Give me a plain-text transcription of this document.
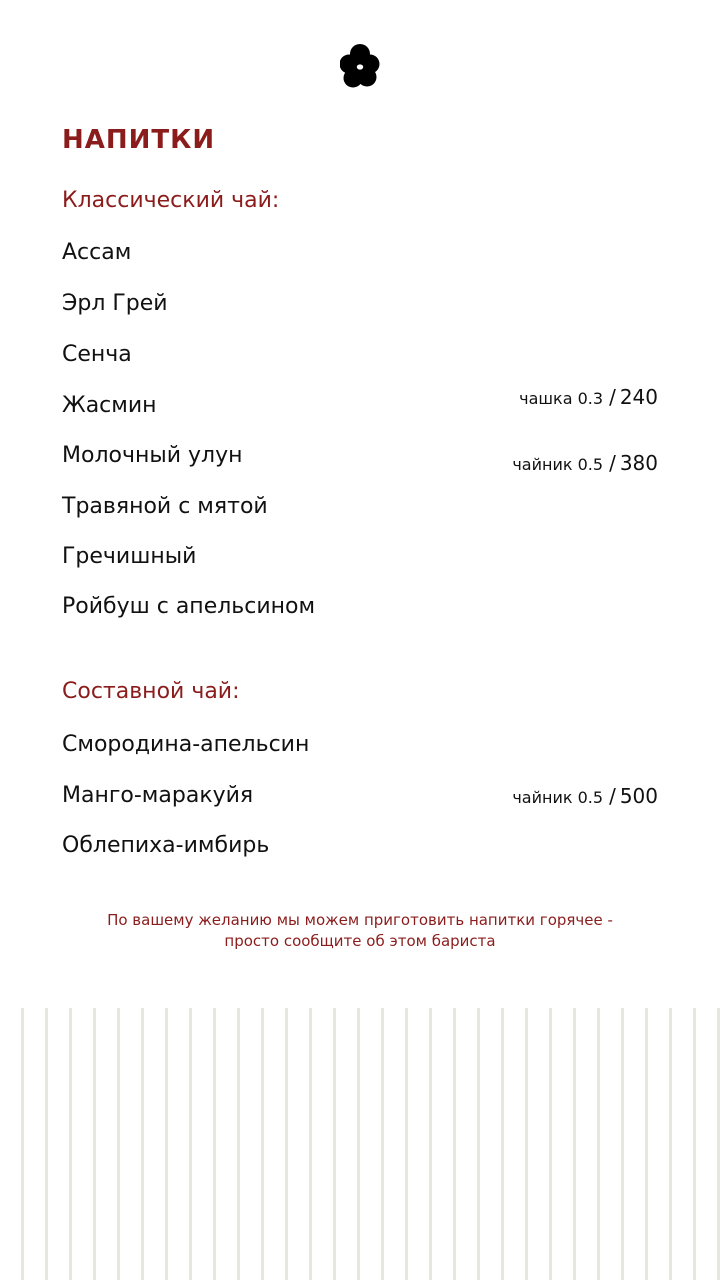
НАПИТКИ
Классический чай:
Ассам
Эрл Грей
Сенча
Жасмин
Молочный улун
Травяной с мятой
Гречишный
Ройбуш с апельсином
чашка 0.3 / 240
чайник 0.5 / 380
Составной чай:
Смородина-апельсин
Манго-маракуйя
Облепиха-имбирь
чайник 0.5 / 500
По вашему желанию мы можем приготовить напитки горячее -
просто сообщите об этом бариста
